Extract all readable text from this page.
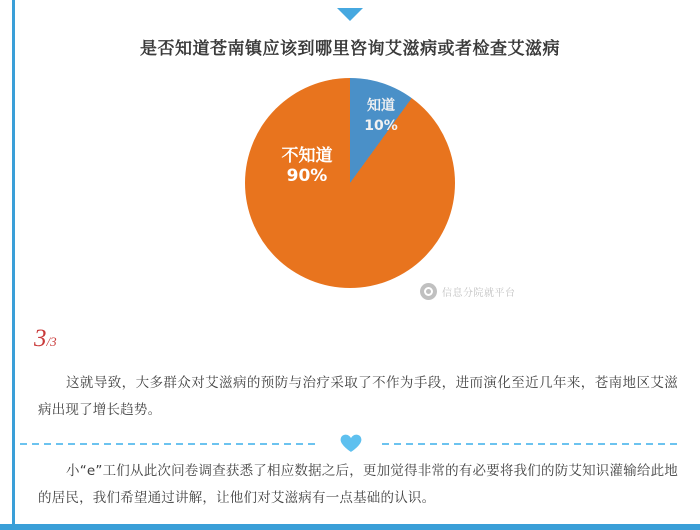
是否知道苍南镇应该到哪里咨询艾滋病或者检查艾滋病
知道
10%
不知道
90%
信息分院就平台
3/3
这就导致，大多群众对艾滋病的预防与治疗采取了不作为手段，进而演化至近几年来，苍南地区艾滋病出现了增长趋势。
小“e”工们从此次问卷调查获悉了相应数据之后，更加觉得非常的有必要将我们的防艾知识灌输给此地的居民，我们希望通过讲解，让他们对艾滋病有一点基础的认识。
